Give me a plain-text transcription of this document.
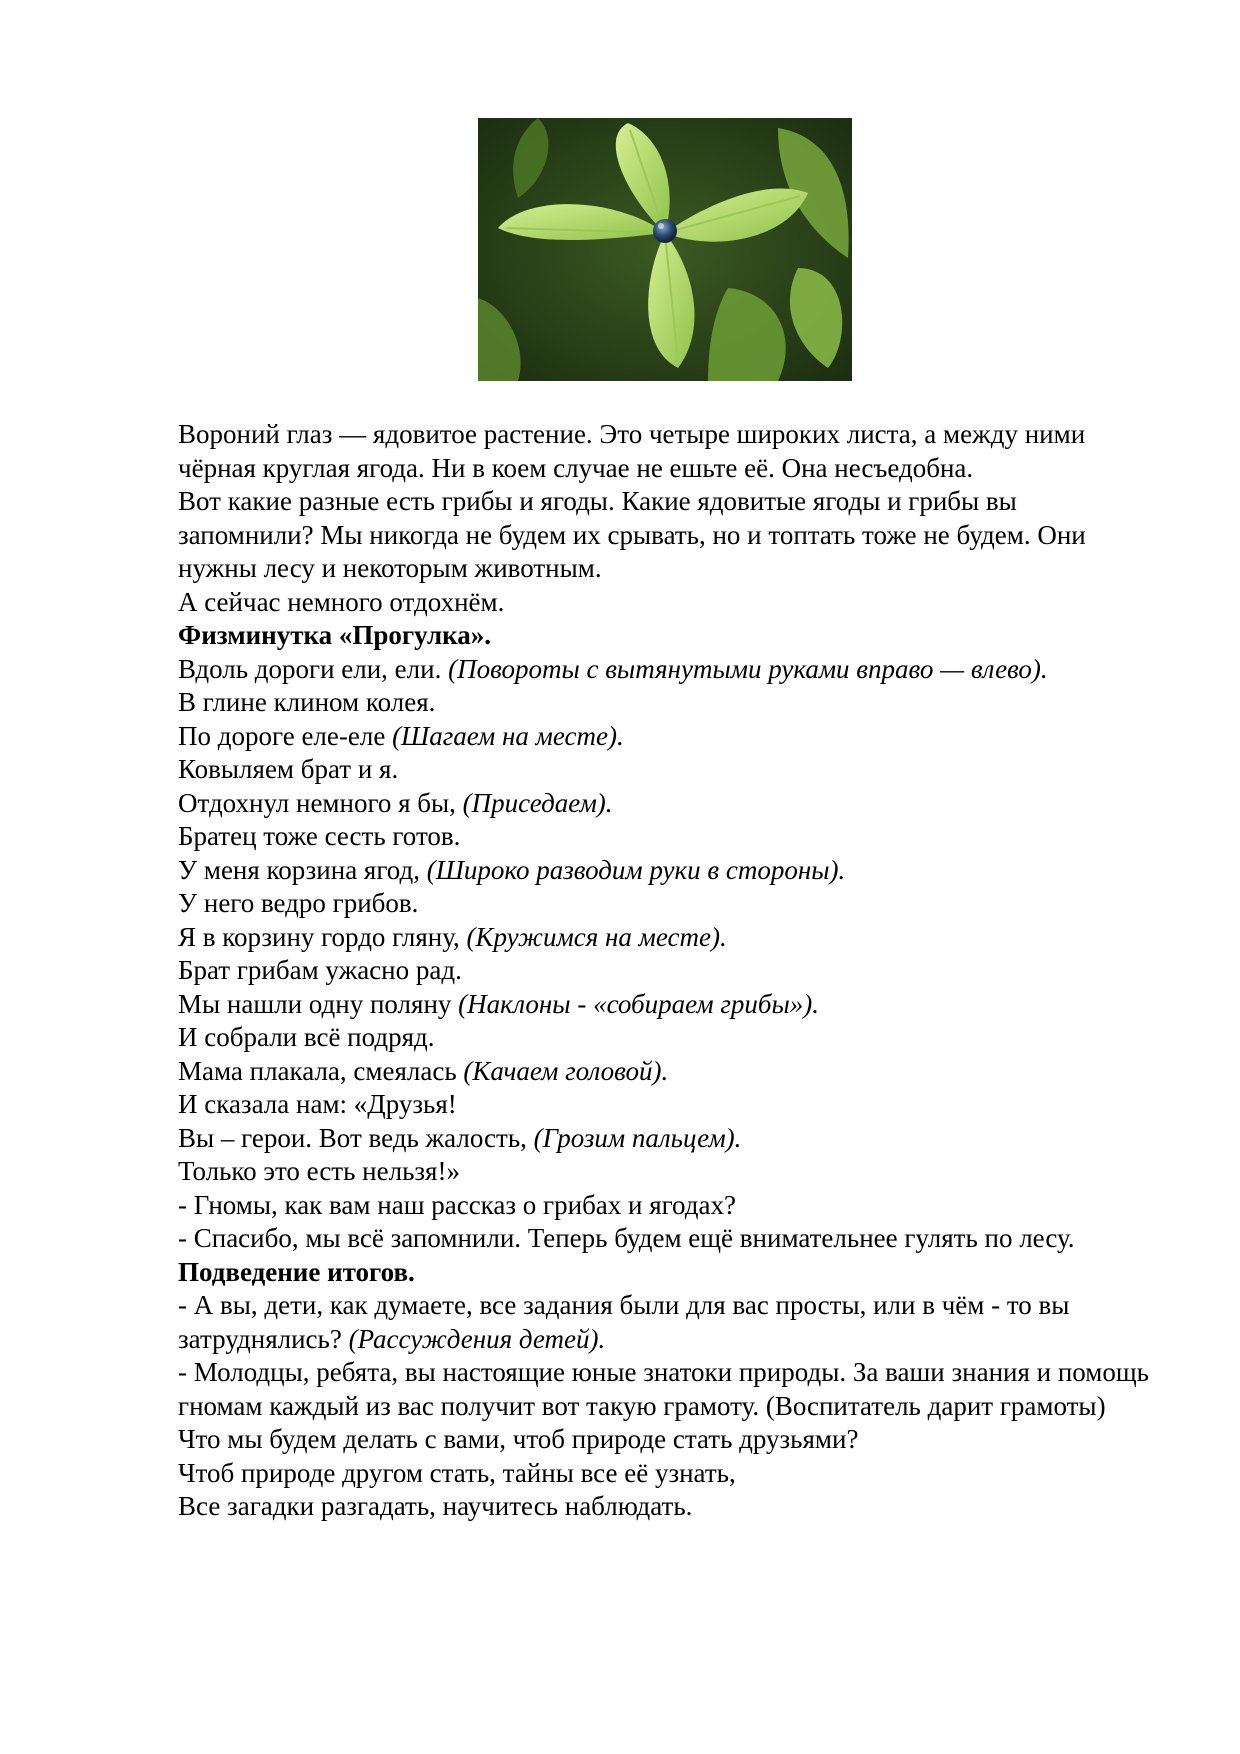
Вороний глаз — ядовитое растение. Это четыре широких листа, а между ними чёрная круглая ягода. Ни в коем случае не ешьте её. Она несъедобна.

Вот какие разные есть грибы и ягоды. Какие ядовитые ягоды и грибы вы запомнили? Мы никогда не будем их срывать, но и топтать тоже не будем. Они нужны лесу и некоторым животным.

А сейчас немного отдохнём.

Физминутка «Прогулка».

Вдоль дороги ели, ели. (Повороты с вытянутыми руками вправо — влево).

В глине клином колея.

По дороге еле-еле (Шагаем на месте).

Ковыляем брат и я.

Отдохнул немного я бы, (Приседаем).

Братец тоже сесть готов.

У меня корзина ягод, (Широко разводим руки в стороны).

У него ведро грибов.

Я в корзину гордо гляну, (Кружимся на месте).

Брат грибам ужасно рад.

Мы нашли одну поляну (Наклоны - «собираем грибы»).

И собрали всё подряд.

Мама плакала, смеялась (Качаем головой).

И сказала нам: «Друзья!

Вы – герои. Вот ведь жалость, (Грозим пальцем).

Только это есть нельзя!»

- Гномы, как вам наш рассказ о грибах и ягодах?

- Спасибо, мы всё запомнили. Теперь будем ещё внимательнее гулять по лесу.

Подведение итогов.

- А вы, дети, как думаете, все задания были для вас просты, или в чём - то вы затруднялись? (Рассуждения детей).

- Молодцы, ребята, вы настоящие юные знатоки природы. За ваши знания и помощь гномам каждый из вас получит вот такую грамоту. (Воспитатель дарит грамоты)

Что мы будем делать с вами, чтоб природе стать друзьями?

Чтоб природе другом стать, тайны все её узнать,

Все загадки разгадать, научитесь наблюдать.
